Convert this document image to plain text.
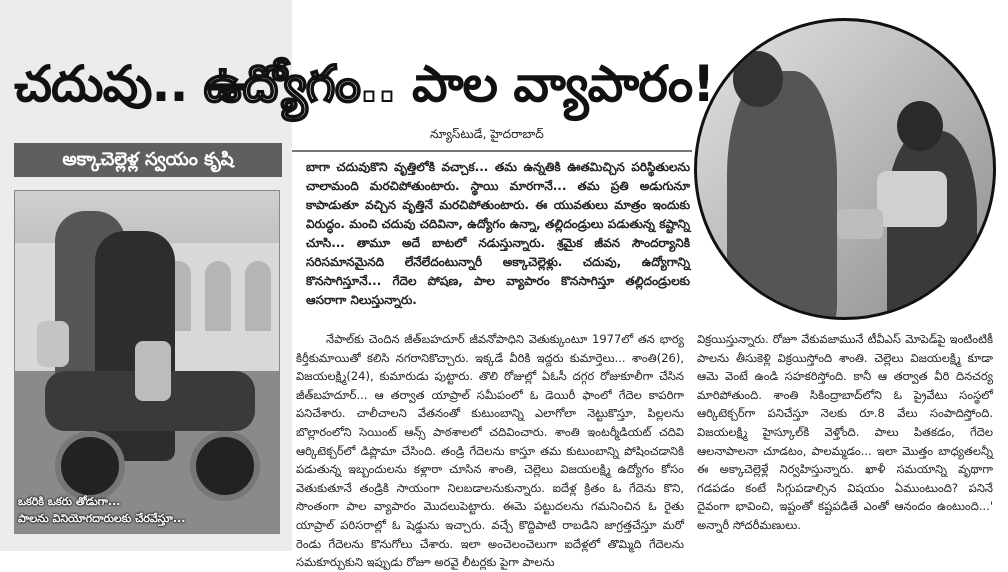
చదువు.. ఉద్యోగం.. పాల వ్యాపారం!
అక్కాచెల్లెళ్ల స్వయం కృషి
ఒకరికి ఒకరు తోడుగా...
పాలను వినియోగదారులకు చేరవేస్తూ...
న్యూస్‌టుడే, హైదరాబాద్
బాగా చదువుకొని వృత్తిలోకి వచ్చాక... తమ ఉన్నతికి ఊతమిచ్చిన పరిస్థితులను చాలామంది మరచిపోతుంటారు. స్థాయి మారగానే... తమ ప్రతి అడుగునూ కాపాడుతూ వచ్చిన వృత్తినే మరచిపోతుంటారు. ఈ యువతులు మాత్రం ఇందుకు విరుద్ధం. మంచి చదువు చదివినా, ఉద్యోగం ఉన్నా, తల్లిదండ్రులు పడుతున్న కష్టాన్ని చూసి... తామూ అదే బాటలో నడుస్తున్నారు. శ్రమైక జీవన సౌందర్యానికి సరిసమానమైనది లేనేలేదంటున్నారీ అక్కాచెల్లెళ్లు. చదువు, ఉద్యోగాన్ని కొనసాగిస్తూనే... గేదెల పోషణ, పాల వ్యాపారం కొనసాగిస్తూ తల్లిదండ్రులకు ఆసరాగా నిలుస్తున్నారు.
నేపాల్‌కు చెందిన జీత్‌బహదూర్ జీవనోపాధిని వెతుక్కుంటూ 1977లో తన భార్య కిర్తీకుమాయితో కలిసి నగరానికొచ్చారు. ఇక్కడే వీరికి ఇద్దరు కుమార్తెలు... శాంతి(26), విజయలక్ష్మి(24), కుమారుడు పుట్టారు. తొలి రోజుల్లో ఏఓసీ దగ్గర రోజుకూలీగా చేసిన జీత్‌బహదూర్... ఆ తర్వాత యాప్రాల్ సమీపంలో ఓ డెయిరీ ఫాంలో గేదెల కాపరిగా పనిచేశారు. చాలీచాలని వేతనంతో కుటుంబాన్ని ఎలాగోలా నెట్టుకొస్తూ, పిల్లలను బొల్లారంలోని సెయింట్ ఆన్స్ పాఠశాలలో చదివించారు. శాంతి ఇంటర్మీడియట్ చదివి ఆర్కిటెక్చర్‌లో డిప్లొమా చేసింది. తండ్రి గేదెలను కాస్తూ తమ కుటుంబాన్ని పోషించడానికి పడుతున్న ఇబ్బందులను కళ్లారా చూసిన శాంతి, చెల్లెలు విజయలక్ష్మి ఉద్యోగం కోసం వెతుకుతూనే తండ్రికి సాయంగా నిలబడాలనుకున్నారు. ఐదేళ్ల క్రితం ఓ గేదెను కొని, సొంతంగా పాల వ్యాపారం మొదలుపెట్టారు. ఈమె పట్టుదలను గమనించిన ఓ రైతు యాప్రాల్ పరిసరాల్లో ఓ షెడ్డును ఇచ్చారు. వచ్చే కొద్దిపాటి రాబడిని జాగ్రత్తచేస్తూ మరో రెండు గేదెలను కొనుగోలు చేశారు. ఇలా అంచెలంచెలుగా ఐదేళ్లలో తొమ్మిది గేదెలను సమకూర్చుకుని ఇప్పుడు రోజూ అరవై లీటర్లకు పైగా పాలను
విక్రయిస్తున్నారు. రోజూ వేకువజామునే టీవీఎస్ మోపెడ్‌పై ఇంటింటికీ పాలను తీసుకెళ్లి విక్రయిస్తోంది శాంతి. చెల్లెలు విజయలక్ష్మి కూడా ఆమె వెంటే ఉండి సహకరిస్తోంది. కానీ ఆ తర్వాత వీరి దినచర్య మారిపోతుంది. శాంతి సికింద్రాబాద్‌లోని ఓ ప్రైవేటు సంస్థలో ఆర్కిటెక్చర్‌గా పనిచేస్తూ నెలకు రూ.8 వేలు సంపాదిస్తోంది. విజయలక్ష్మి హైస్కూల్‌కి వెళ్తోంది. పాలు పితకడం, గేదెల ఆలనాపాలనా చూడటం, పాలమ్మడం... ఇలా మొత్తం బాధ్యతలన్నీ ఈ అక్కాచెల్లెళ్లే నిర్వహిస్తున్నారు. ఖాళీ సమయాన్ని వృథాగా గడపడం కంటే సిగ్గుపడాల్సిన విషయం ఏముంటుంది? పనినే దైవంగా భావించి, ఇష్టంతో కష్టపడితే ఎంతో ఆనందం ఉంటుంది...' అన్నారీ సోదరీమణులు.
